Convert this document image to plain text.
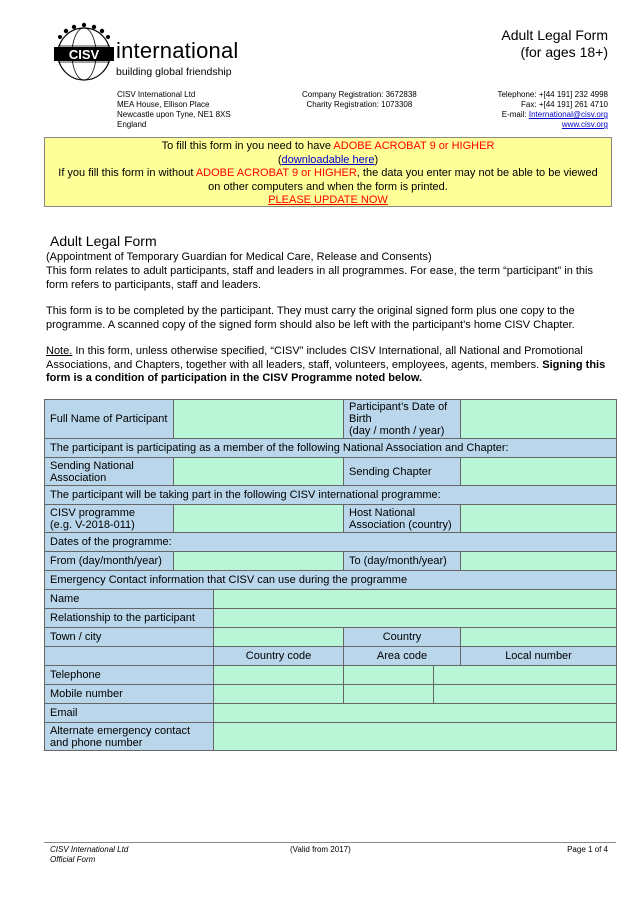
CISV international
building global friendship
Adult Legal Form
(for ages 18+)
CISV International Ltd
MEA House, Ellison Place
Newcastle upon Tyne, NE1 8XS
England
Company Registration: 3672838
Charity Registration: 1073308
Telephone: +[44 191] 232 4998
Fax: +[44 191] 261 4710
E-mail: International@cisv.org
www.cisv.org
To fill this form in you need to have ADOBE ACROBAT 9 or HIGHER
(downloadable here)
If you fill this form in without ADOBE ACROBAT 9 or HIGHER, the data you enter may not be able to be viewed
on other computers and when the form is printed.
PLEASE UPDATE NOW
Adult Legal Form
(Appointment of Temporary Guardian for Medical Care, Release and Consents)
This form relates to adult participants, staff and leaders in all programmes. For ease, the term “participant” in this form refers to participants, staff and leaders.
This form is to be completed by the participant. They must carry the original signed form plus one copy to the programme. A scanned copy of the signed form should also be left with the participant’s home CISV Chapter.
Note. In this form, unless otherwise specified, “CISV” includes CISV International, all National and Promotional Associations, and Chapters, together with all leaders, staff, volunteers, employees, agents, members. Signing this form is a condition of participation in the CISV Programme noted below.
Full Name of Participant			Participant’s Date of Birth
(day / month / year)		

The participant is participating as a member of the following National Association and Chapter:					
Sending National Association			Sending Chapter		
The participant will be taking part in the following CISV international programme:					

CISV programme
(e.g. V-2018-011)			Host National Association (country)		
Dates of the programme:					
From (day/month/year)			To (day/month/year)		
Emergency Contact information that CISV can use during the programme					
Name					
Relationship to the participant					
Town / city			Country		
		Country code	Area code		Local number
Telephone					
Mobile number					
Email					
Alternate emergency contact and phone number					
CISV International Ltd
Official Form
(Valid from 2017)	Page 1 of 4
